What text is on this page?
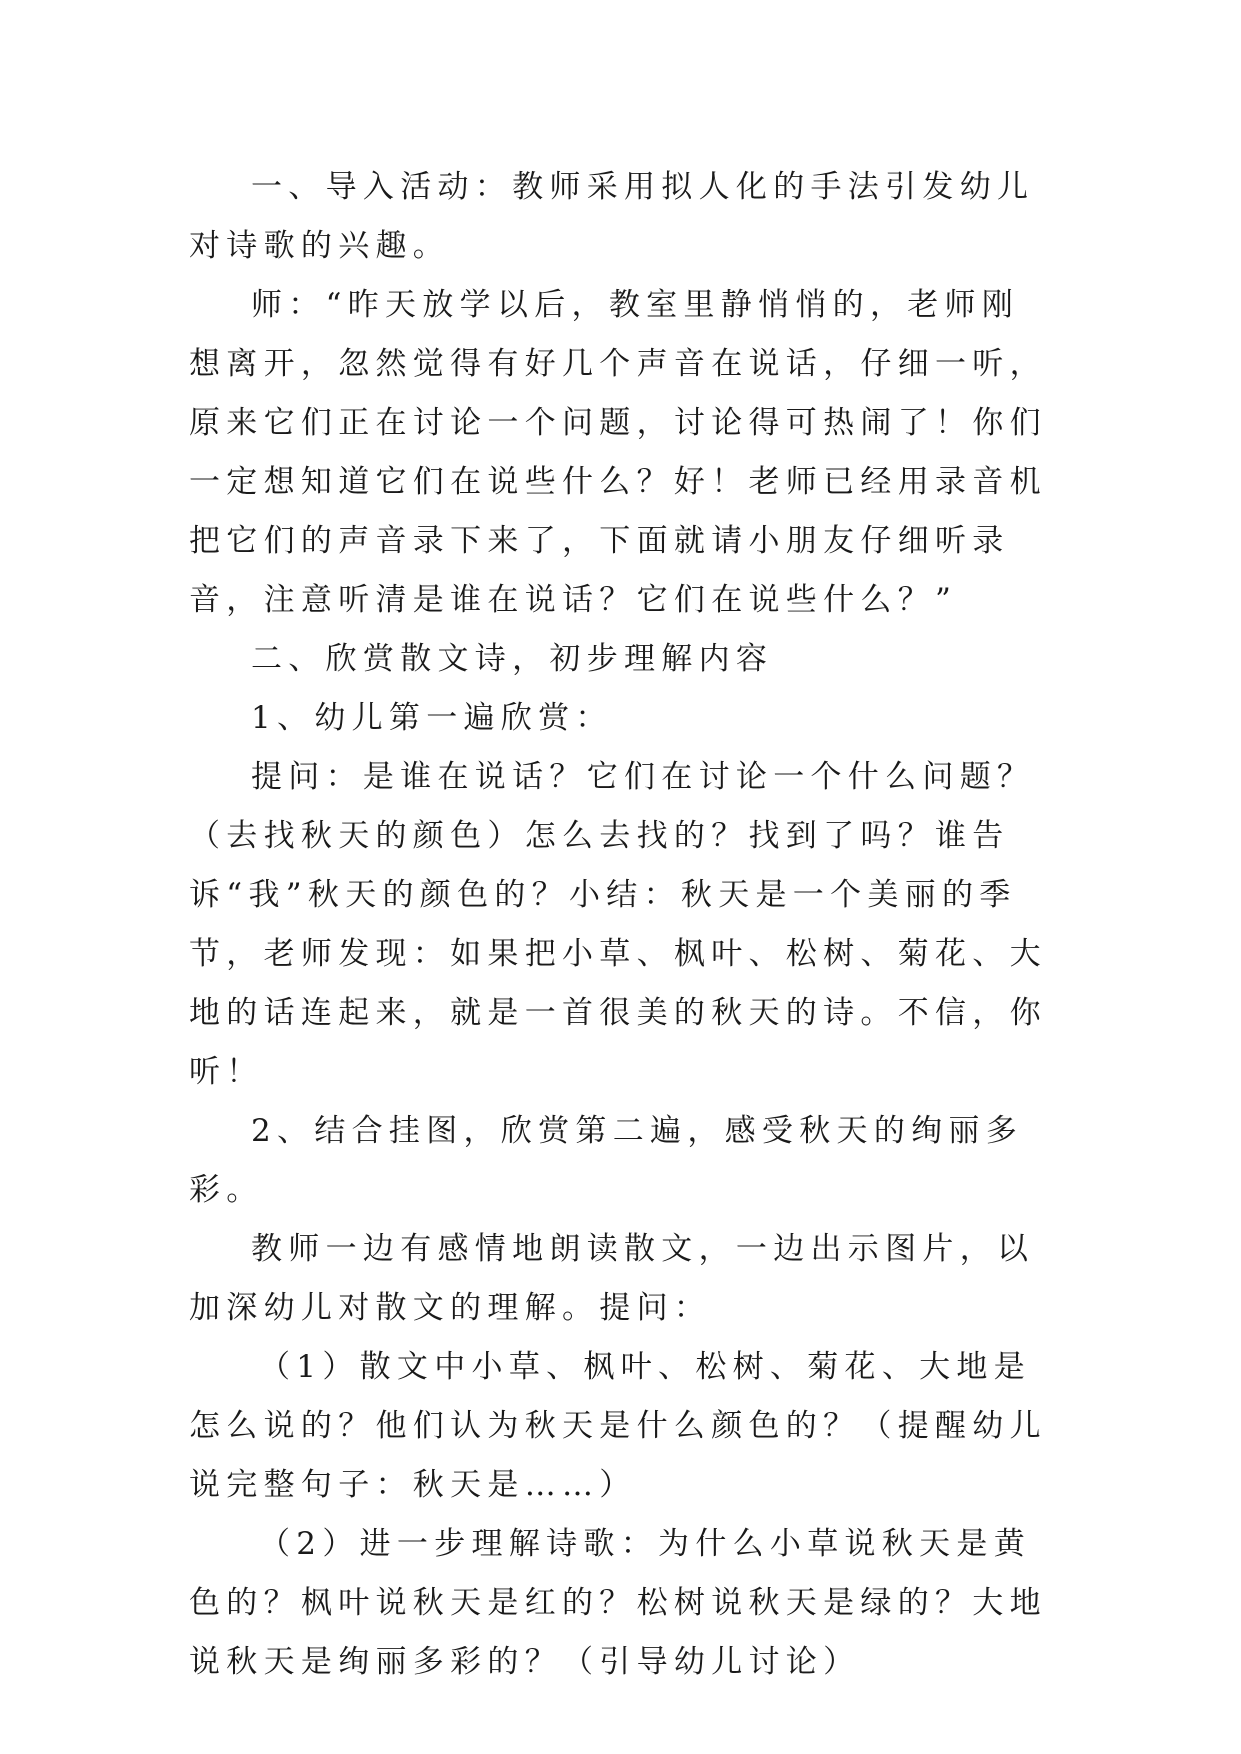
一、导入活动：教师采用拟人化的手法引发幼儿对诗歌的兴趣。

师：“昨天放学以后，教室里静悄悄的，老师刚想离开，忽然觉得有好几个声音在说话，仔细一听，原来它们正在讨论一个问题，讨论得可热闹了！你们一定想知道它们在说些什么？好！老师已经用录音机把它们的声音录下来了，下面就请小朋友仔细听录音，注意听清是谁在说话？它们在说些什么？”

二、欣赏散文诗，初步理解内容

1、幼儿第一遍欣赏：

提问：是谁在说话？它们在讨论一个什么问题？（去找秋天的颜色）怎么去找的？找到了吗？谁告诉“我”秋天的颜色的？小结：秋天是一个美丽的季节，老师发现：如果把小草、枫叶、松树、菊花、大地的话连起来，就是一首很美的秋天的诗。不信，你听！

2、结合挂图，欣赏第二遍，感受秋天的绚丽多彩。

教师一边有感情地朗读散文，一边出示图片，以加深幼儿对散文的理解。提问：

（1）散文中小草、枫叶、松树、菊花、大地是怎么说的？他们认为秋天是什么颜色的？（提醒幼儿说完整句子：秋天是……）

（2）进一步理解诗歌：为什么小草说秋天是黄色的？枫叶说秋天是红的？松树说秋天是绿的？大地说秋天是绚丽多彩的？（引导幼儿讨论）
